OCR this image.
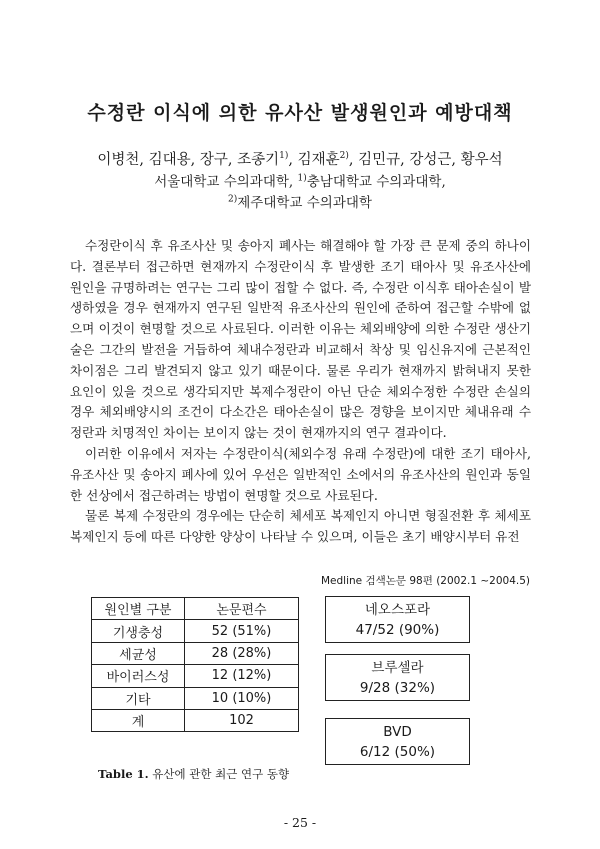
수정란 이식에 의한 유사산 발생원인과 예방대책
이병천, 김대용, 장구, 조종기$^{1)}$, 김재훈$^{2)}$, 김민규, 강성근, 황우석
서울대학교 수의과대학, $^{1)}$충남대학교 수의과대학,
$^{2)}$제주대학교 수의과대학

수정란이식 후 유조사산 및 송아지 폐사는 해결해야 할 가장 큰 문제 중의 하나이다. 결론부터 접근하면 현재까지 수정란이식 후 발생한 조기 태아사 및 유조사산에 원인을 규명하려는 연구는 그리 많이 접할 수 없다. 즉, 수정란 이식후 태아손실이 발생하였을 경우 현재까지 연구된 일반적 유조사산의 원인에 준하여 접근할 수밖에 없으며 이것이 현명할 것으로 사료된다. 이러한 이유는 체외배양에 의한 수정란 생산기술은 그간의 발전을 거듭하여 체내수정란과 비교해서 착상 및 임신유지에 근본적인 차이점은 그리 발견되지 않고 있기 때문이다. 물론 우리가 현재까지 밝혀내지 못한 요인이 있을 것으로 생각되지만 복제수정란이 아닌 단순 체외수정한 수정란 손실의 경우 체외배양시의 조건이 다소간은 태아손실이 많은 경향을 보이지만 체내유래 수정란과 치명적인 차이는 보이지 않는 것이 현재까지의 연구 결과이다.

이러한 이유에서 저자는 수정란이식(체외수정 유래 수정란)에 대한 조기 태아사, 유조사산 및 송아지 폐사에 있어 우선은 일반적인 소에서의 유조사산의 원인과 동일한 선상에서 접근하려는 방법이 현명할 것으로 사료된다.

물론 복제 수정란의 경우에는 단순히 체세포 복제인지 아니면 형질전환 후 체세포 복제인지 등에 따른 다양한 양상이 나타날 수 있으며, 이들은 초기 배양시부터 유전

Medline 검색논문 98편 (2002.1 ~2004.5)
원인별 구분	논문편수
기생충성	52 (51%)
세균성	28 (28%)
바이러스성	12 (12%)
기타	10 (10%)
계	102
네오스포라
47/52 (90%)
브루셀라
9/28 (32%)
BVD
6/12 (50%)
Table 1. 유산에 관한 최근 연구 동향
- 25 -
